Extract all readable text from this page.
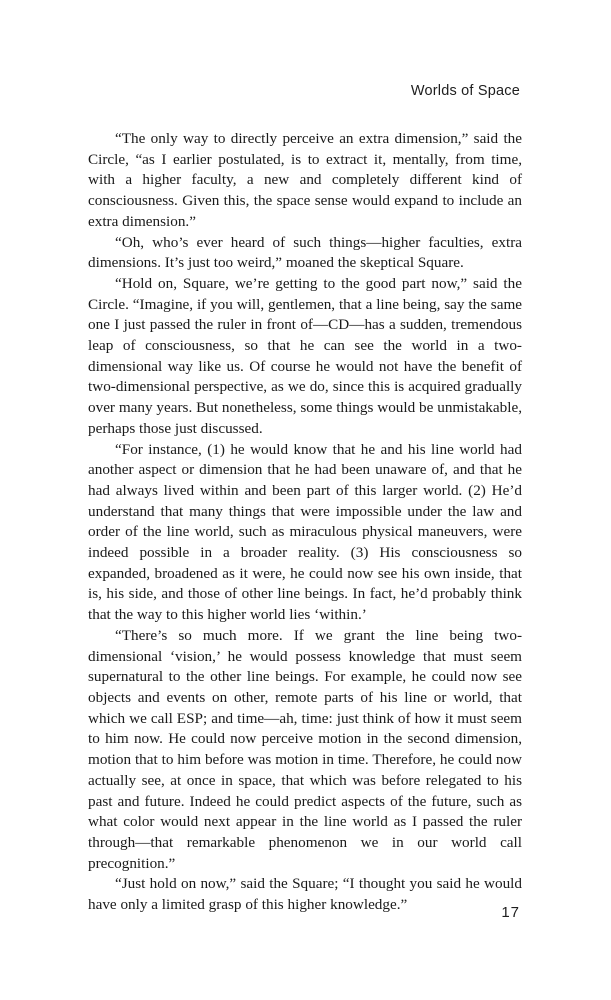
Worlds of Space

“The only way to directly perceive an extra dimension,” said the Circle, “as I earlier postulated, is to extract it, mentally, from time, with a higher faculty, a new and completely different kind of consciousness. Given this, the space sense would expand to include an extra dimension.”

“Oh, who’s ever heard of such things—higher faculties, extra dimensions. It’s just too weird,” moaned the skeptical Square.

“Hold on, Square, we’re getting to the good part now,” said the Circle. “Imagine, if you will, gentlemen, that a line being, say the same one I just passed the ruler in front of—CD—has a sudden, tremendous leap of consciousness, so that he can see the world in a two-dimensional way like us. Of course he would not have the benefit of two-dimensional perspective, as we do, since this is acquired gradually over many years. But nonetheless, some things would be unmistakable, perhaps those just discussed.

“For instance, (1) he would know that he and his line world had another aspect or dimension that he had been unaware of, and that he had always lived within and been part of this larger world. (2) He’d understand that many things that were impossible under the law and order of the line world, such as miraculous physical maneuvers, were indeed possible in a broader reality. (3) His consciousness so expanded, broadened as it were, he could now see his own inside, that is, his side, and those of other line beings. In fact, he’d probably think that the way to this higher world lies ‘within.’

“There’s so much more. If we grant the line being two-dimensional ‘vision,’ he would possess knowledge that must seem supernatural to the other line beings. For example, he could now see objects and events on other, remote parts of his line or world, that which we call ESP; and time—ah, time: just think of how it must seem to him now. He could now perceive motion in the second dimension, motion that to him before was motion in time. Therefore, he could now actually see, at once in space, that which was before relegated to his past and future. Indeed he could predict aspects of the future, such as what color would next appear in the line world as I passed the ruler through—that remarkable phenomenon we in our world call precognition.”

“Just hold on now,” said the Square; “I thought you said he would have only a limited grasp of this higher knowledge.”	17
